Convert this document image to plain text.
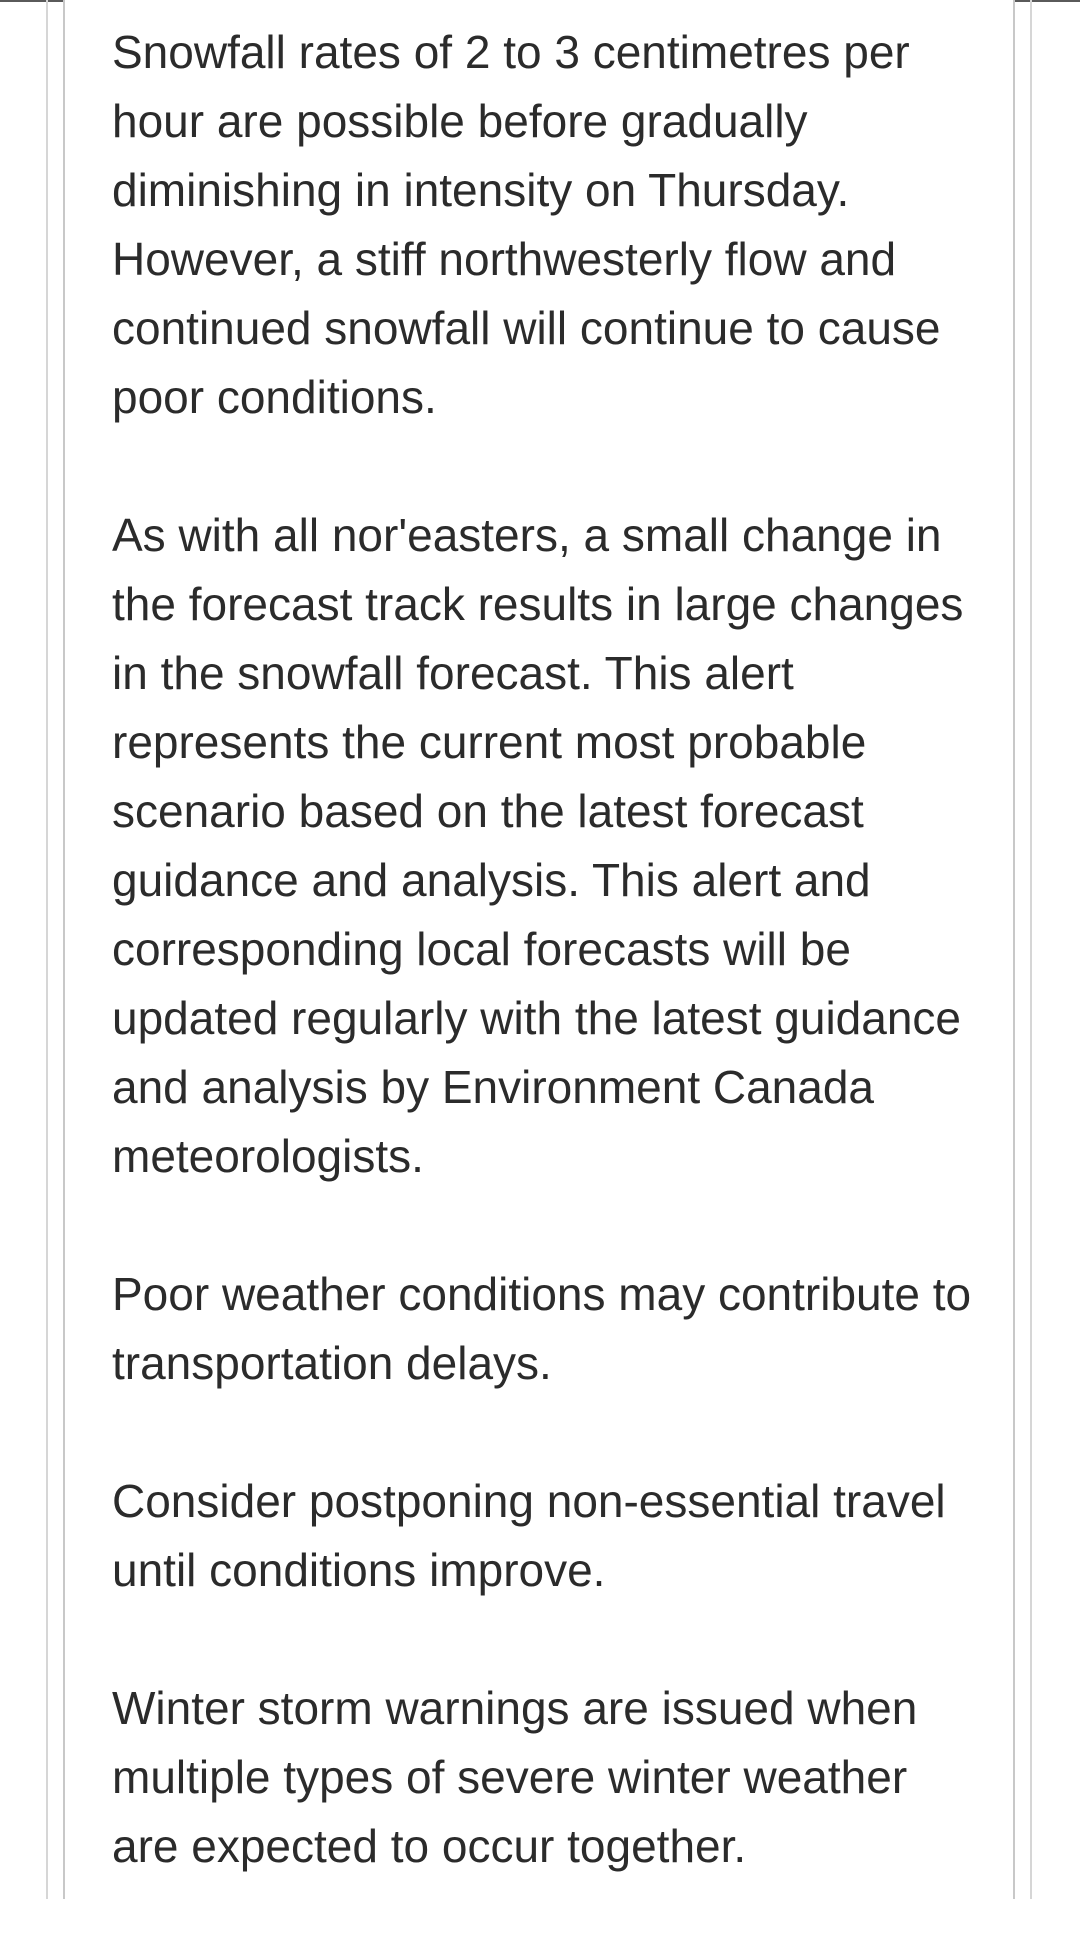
Snowfall rates of 2 to 3 centimetres per hour are possible before gradually diminishing in intensity on Thursday. However, a stiff northwesterly flow and continued snowfall will continue to cause poor conditions.

As with all nor'easters, a small change in the forecast track results in large changes in the snowfall forecast. This alert represents the current most probable scenario based on the latest forecast guidance and analysis. This alert and corresponding local forecasts will be updated regularly with the latest guidance and analysis by Environment Canada meteorologists.

Poor weather conditions may contribute to transportation delays.

Consider postponing non-essential travel until conditions improve.

Winter storm warnings are issued when multiple types of severe winter weather are expected to occur together.
